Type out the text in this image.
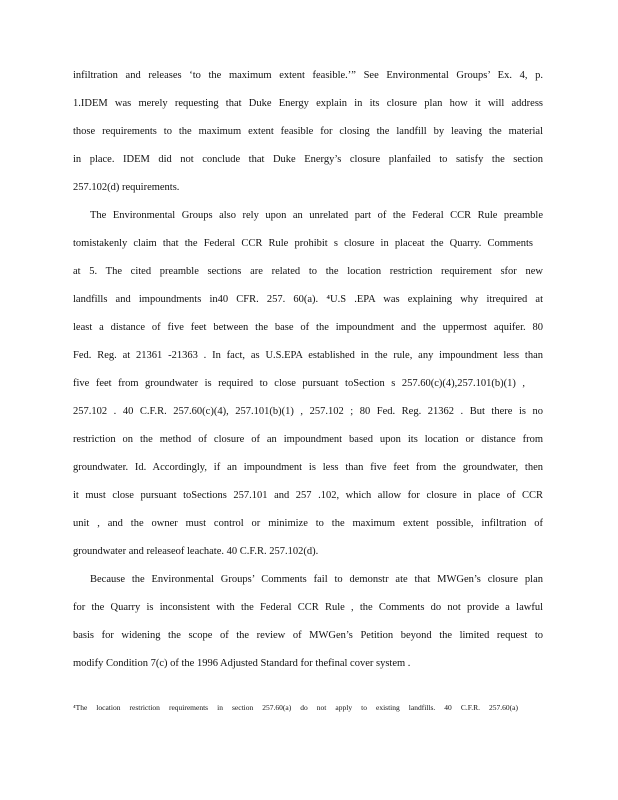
infiltration and releases ‘to the maximum extent feasible.’” See Environmental Groups’ Ex. 4, p.
1.IDEM was merely requesting that Duke Energy explain in its closure plan how it will address
those requirements to the maximum extent feasible for closing the landfill by leaving the material
in place. IDEM did not conclude that Duke Energy’s closure planfailed to satisfy the section
257.102(d) requirements.
The Environmental Groups also rely upon an unrelated part of the Federal CCR Rule preamble
tomistakenly claim that the Federal CCR Rule prohibit s closure in placeat the Quarry. Comments
at 5. The cited preamble sections are related to the location restriction requirement sfor new
landfills and impoundments in40 CFR. 257. 60(a). ⁴U.S .EPA was explaining why itrequired at
least a distance of five feet between the base of the impoundment and the uppermost aquifer. 80
Fed. Reg. at 21361 -21363 . In fact, as U.S.EPA established in the rule, any impoundment less than
five feet from groundwater is required to close pursuant toSection s 257.60(c)(4),257.101(b)(1) ,
257.102 . 40 C.F.R. 257.60(c)(4), 257.101(b)(1) , 257.102 ; 80 Fed. Reg. 21362 . But there is no
restriction on the method of closure of an impoundment based upon its location or distance from
groundwater. Id. Accordingly, if an impoundment is less than five feet from the groundwater, then
it must close pursuant toSections 257.101 and 257 .102, which allow for closure in place of CCR
unit , and the owner must control or minimize to the maximum extent possible, infiltration of
groundwater and releaseof leachate. 40 C.F.R. 257.102(d).
Because the Environmental Groups’ Comments fail to demonstr ate that MWGen’s closure plan
for the Quarry is inconsistent with the Federal CCR Rule , the Comments do not provide a lawful
basis for widening the scope of the review of MWGen’s Petition beyond the limited request to
modify Condition 7(c) of the 1996 Adjusted Standard for thefinal cover system .
⁴The location restriction requirements in section 257.60(a) do not apply to existing landfills. 40 C.F.R. 257.60(a)
